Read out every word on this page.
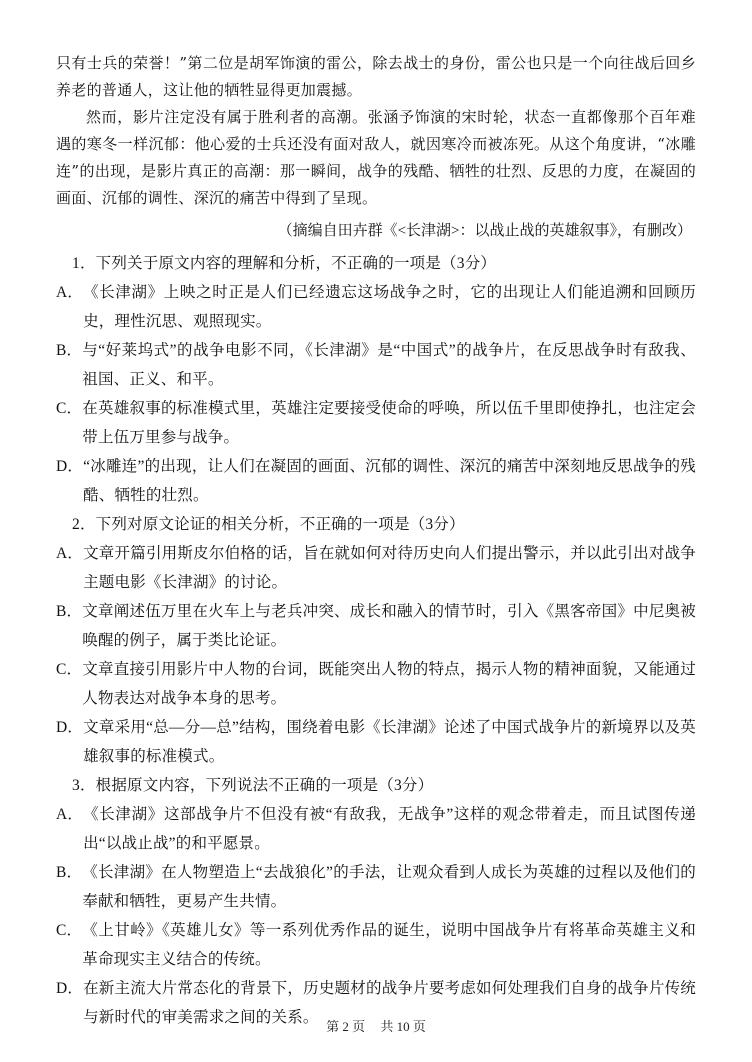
只有士兵的荣誉！”第二位是胡军饰演的雷公，除去战士的身份，雷公也只是一个向往战后回乡养老的普通人，这让他的牺牲显得更加震撼。

然而，影片注定没有属于胜利者的高潮。张涵予饰演的宋时轮，状态一直都像那个百年难遇的寒冬一样沉郁：他心爱的士兵还没有面对敌人，就因寒冷而被冻死。从这个角度讲，“冰雕连”的出现，是影片真正的高潮：那一瞬间，战争的残酷、牺牲的壮烈、反思的力度，在凝固的画面、沉郁的调性、深沉的痛苦中得到了呈现。

（摘编自田卉群《<长津湖>：以战止战的英雄叙事》，有删改）
1．下列关于原文内容的理解和分析，不正确的一项是（3分）
A． 《长津湖》上映之时正是人们已经遗忘这场战争之时，它的出现让人们能追溯和回顾历史，理性沉思、观照现实。
B． 与“好莱坞式”的战争电影不同，《长津湖》是“中国式”的战争片，在反思战争时有敌我、祖国、正义、和平。
C． 在英雄叙事的标准模式里，英雄注定要接受使命的呼唤，所以伍千里即使挣扎，也注定会带上伍万里参与战争。
D． “冰雕连”的出现，让人们在凝固的画面、沉郁的调性、深沉的痛苦中深刻地反思战争的残酷、牺牲的壮烈。
2．下列对原文论证的相关分析，不正确的一项是（3分）
A． 文章开篇引用斯皮尔伯格的话，旨在就如何对待历史向人们提出警示，并以此引出对战争主题电影《长津湖》的讨论。
B． 文章阐述伍万里在火车上与老兵冲突、成长和融入的情节时，引入《黑客帝国》中尼奥被唤醒的例子，属于类比论证。
C． 文章直接引用影片中人物的台词，既能突出人物的特点，揭示人物的精神面貌，又能通过人物表达对战争本身的思考。
D． 文章采用“总—分—总”结构，围绕着电影《长津湖》论述了中国式战争片的新境界以及英雄叙事的标准模式。
3．根据原文内容，下列说法不正确的一项是（3分）
A． 《长津湖》这部战争片不但没有被“有敌我，无战争”这样的观念带着走，而且试图传递出“以战止战”的和平愿景。
B． 《长津湖》在人物塑造上“去战狼化”的手法，让观众看到人成长为英雄的过程以及他们的奉献和牺牲，更易产生共情。
C． 《上甘岭》《英雄儿女》等一系列优秀作品的诞生，说明中国战争片有将革命英雄主义和革命现实主义结合的传统。
D． 在新主流大片常态化的背景下，历史题材的战争片要考虑如何处理我们自身的战争片传统与新时代的审美需求之间的关系。
第 2 页 共 10 页
